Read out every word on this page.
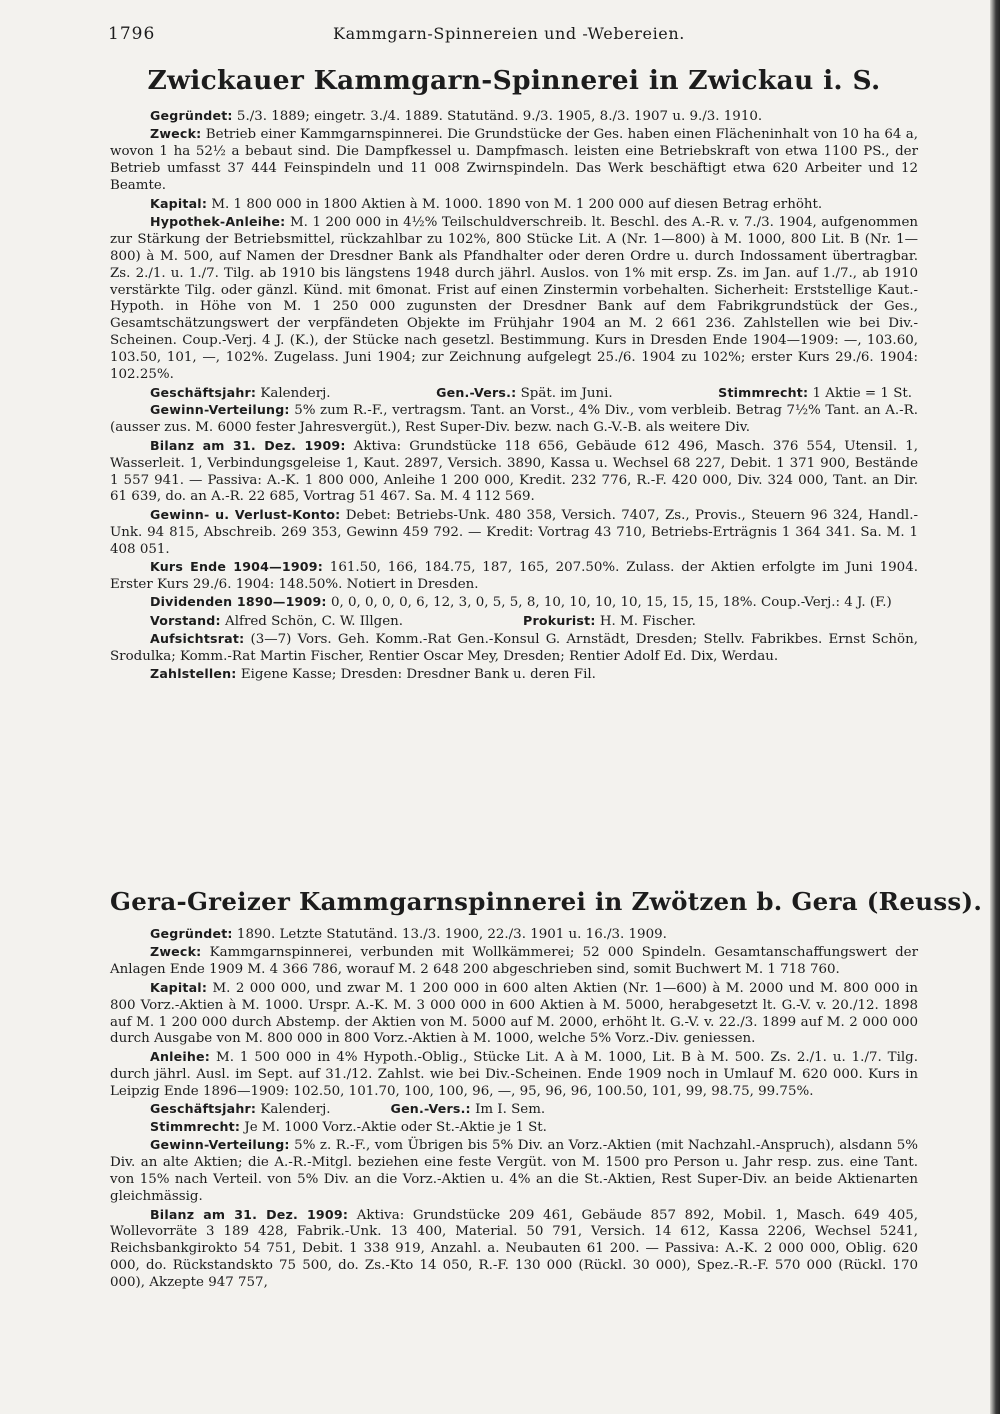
1796	Kammgarn-Spinnereien und -Webereien.
Zwickauer Kammgarn-Spinnerei in Zwickau i. S.

Gegründet: 5./3. 1889; eingetr. 3./4. 1889. Statutänd. 9./3. 1905, 8./3. 1907 u. 9./3. 1910.

Zweck: Betrieb einer Kammgarnspinnerei. Die Grundstücke der Ges. haben einen Flächeninhalt von 10 ha 64 a, wovon 1 ha 52½ a bebaut sind. Die Dampfkessel u. Dampfmasch. leisten eine Betriebskraft von etwa 1100 PS., der Betrieb umfasst 37 444 Feinspindeln und 11 008 Zwirnspindeln. Das Werk beschäftigt etwa 620 Arbeiter und 12 Beamte.

Kapital: M. 1 800 000 in 1800 Aktien à M. 1000. 1890 von M. 1 200 000 auf diesen Betrag erhöht.

Hypothek-Anleihe: M. 1 200 000 in 4½% Teilschuldverschreib. lt. Beschl. des A.-R. v. 7./3. 1904, aufgenommen zur Stärkung der Betriebsmittel, rückzahlbar zu 102%, 800 Stücke Lit. A (Nr. 1—800) à M. 1000, 800 Lit. B (Nr. 1—800) à M. 500, auf Namen der Dresdner Bank als Pfandhalter oder deren Ordre u. durch Indossament übertragbar. Zs. 2./1. u. 1./7. Tilg. ab 1910 bis längstens 1948 durch jährl. Auslos. von 1% mit ersp. Zs. im Jan. auf 1./7., ab 1910 verstärkte Tilg. oder gänzl. Künd. mit 6monat. Frist auf einen Zinstermin vorbehalten. Sicherheit: Erststellige Kaut.-Hypoth. in Höhe von M. 1 250 000 zugunsten der Dresdner Bank auf dem Fabrikgrundstück der Ges., Gesamtschätzungswert der verpfändeten Objekte im Frühjahr 1904 an M. 2 661 236. Zahlstellen wie bei Div.-Scheinen. Coup.-Verj. 4 J. (K.), der Stücke nach gesetzl. Bestimmung. Kurs in Dresden Ende 1904—1909: —, 103.60, 103.50, 101, —, 102%. Zugelass. Juni 1904; zur Zeichnung aufgelegt 25./6. 1904 zu 102%; erster Kurs 29./6. 1904: 102.25%.

Geschäftsjahr: Kalenderj.	Gen.-Vers.: Spät. im Juni.	Stimmrecht: 1 Aktie = 1 St.

Gewinn-Verteilung: 5% zum R.-F., vertragsm. Tant. an Vorst., 4% Div., vom verbleib. Betrag 7½% Tant. an A.-R. (ausser zus. M. 6000 fester Jahresvergüt.), Rest Super-Div. bezw. nach G.-V.-B. als weitere Div.

Bilanz am 31. Dez. 1909: Aktiva: Grundstücke 118 656, Gebäude 612 496, Masch. 376 554, Utensil. 1, Wasserleit. 1, Verbindungsgeleise 1, Kaut. 2897, Versich. 3890, Kassa u. Wechsel 68 227, Debit. 1 371 900, Bestände 1 557 941. — Passiva: A.-K. 1 800 000, Anleihe 1 200 000, Kredit. 232 776, R.-F. 420 000, Div. 324 000, Tant. an Dir. 61 639, do. an A.-R. 22 685, Vortrag 51 467. Sa. M. 4 112 569.

Gewinn- u. Verlust-Konto: Debet: Betriebs-Unk. 480 358, Versich. 7407, Zs., Provis., Steuern 96 324, Handl.-Unk. 94 815, Abschreib. 269 353, Gewinn 459 792. — Kredit: Vortrag 43 710, Betriebs-Erträgnis 1 364 341. Sa. M. 1 408 051.

Kurs Ende 1904—1909: 161.50, 166, 184.75, 187, 165, 207.50%. Zulass. der Aktien erfolgte im Juni 1904. Erster Kurs 29./6. 1904: 148.50%. Notiert in Dresden.

Dividenden 1890—1909: 0, 0, 0, 0, 0, 6, 12, 3, 0, 5, 5, 8, 10, 10, 10, 10, 15, 15, 15, 18%. Coup.-Verj.: 4 J. (F.)

Vorstand: Alfred Schön, C. W. Illgen.	Prokurist: H. M. Fischer.

Aufsichtsrat: (3—7) Vors. Geh. Komm.-Rat Gen.-Konsul G. Arnstädt, Dresden; Stellv. Fabrikbes. Ernst Schön, Srodulka; Komm.-Rat Martin Fischer, Rentier Oscar Mey, Dresden; Rentier Adolf Ed. Dix, Werdau.

Zahlstellen: Eigene Kasse; Dresden: Dresdner Bank u. deren Fil.

Gera-Greizer Kammgarnspinnerei in Zwötzen b. Gera (Reuss).

Gegründet: 1890. Letzte Statutänd. 13./3. 1900, 22./3. 1901 u. 16./3. 1909.

Zweck: Kammgarnspinnerei, verbunden mit Wollkämmerei; 52 000 Spindeln. Gesamtanschaffungswert der Anlagen Ende 1909 M. 4 366 786, worauf M. 2 648 200 abgeschrieben sind, somit Buchwert M. 1 718 760.

Kapital: M. 2 000 000, und zwar M. 1 200 000 in 600 alten Aktien (Nr. 1—600) à M. 2000 und M. 800 000 in 800 Vorz.-Aktien à M. 1000. Urspr. A.-K. M. 3 000 000 in 600 Aktien à M. 5000, herabgesetzt lt. G.-V. v. 20./12. 1898 auf M. 1 200 000 durch Abstemp. der Aktien von M. 5000 auf M. 2000, erhöht lt. G.-V. v. 22./3. 1899 auf M. 2 000 000 durch Ausgabe von M. 800 000 in 800 Vorz.-Aktien à M. 1000, welche 5% Vorz.-Div. geniessen.

Anleihe: M. 1 500 000 in 4% Hypoth.-Oblig., Stücke Lit. A à M. 1000, Lit. B à M. 500. Zs. 2./1. u. 1./7. Tilg. durch jährl. Ausl. im Sept. auf 31./12. Zahlst. wie bei Div.-Scheinen. Ende 1909 noch in Umlauf M. 620 000. Kurs in Leipzig Ende 1896—1909: 102.50, 101.70, 100, 100, 96, —, 95, 96, 96, 100.50, 101, 99, 98.75, 99.75%.

Geschäftsjahr: Kalenderj.	Gen.-Vers.: Im I. Sem.

Stimmrecht: Je M. 1000 Vorz.-Aktie oder St.-Aktie je 1 St.

Gewinn-Verteilung: 5% z. R.-F., vom Übrigen bis 5% Div. an Vorz.-Aktien (mit Nachzahl.-Anspruch), alsdann 5% Div. an alte Aktien; die A.-R.-Mitgl. beziehen eine feste Vergüt. von M. 1500 pro Person u. Jahr resp. zus. eine Tant. von 15% nach Verteil. von 5% Div. an die Vorz.-Aktien u. 4% an die St.-Aktien, Rest Super-Div. an beide Aktienarten gleichmässig.

Bilanz am 31. Dez. 1909: Aktiva: Grundstücke 209 461, Gebäude 857 892, Mobil. 1, Masch. 649 405, Wollevorräte 3 189 428, Fabrik.-Unk. 13 400, Material. 50 791, Versich. 14 612, Kassa 2206, Wechsel 5241, Reichsbankgirokto 54 751, Debit. 1 338 919, Anzahl. a. Neubauten 61 200. — Passiva: A.-K. 2 000 000, Oblig. 620 000, do. Rückstandskto 75 500, do. Zs.-Kto 14 050, R.-F. 130 000 (Rückl. 30 000), Spez.-R.-F. 570 000 (Rückl. 170 000), Akzepte 947 757,
